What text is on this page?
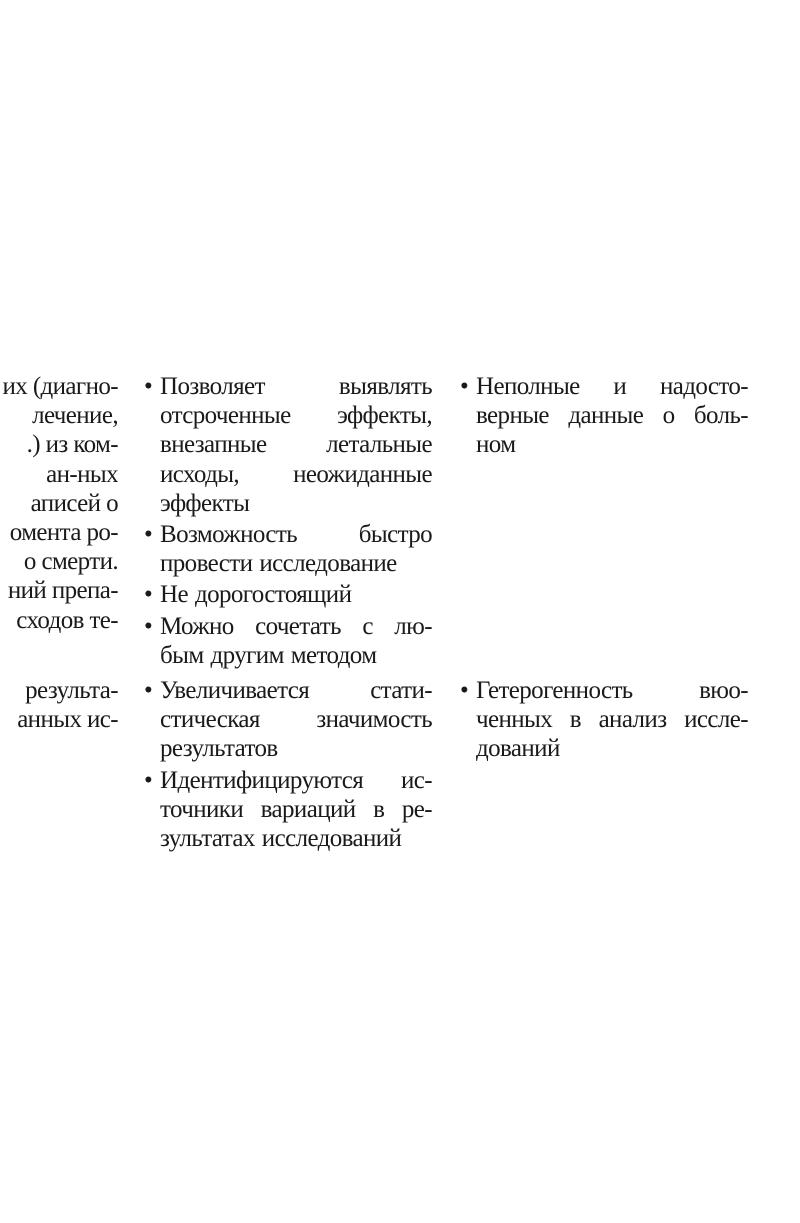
их (диагно-
лечение,
.) из ком-
ан-ных
аписей о
омента ро-
о смерти.
ний препа-
сходов те-
• Позволяет	выявлять
отсроченные эффекты,
внезапные летальные
исходы, неожиданные
эффекты
• Возможность быстро
провести исследование
• Не дорогостоящий
• Можно сочетать с лю-
бым другим методом
• Неполные и надосто-
верные данные о боль-
ном
результа-
анных ис-
• Увеличивается стати-
стическая значимость
результатов
• Идентифицируются ис-
точники вариаций в ре-
зультатах исследований
• Гетерогенность	вюо-
ченных в анализ иссле-
дований
